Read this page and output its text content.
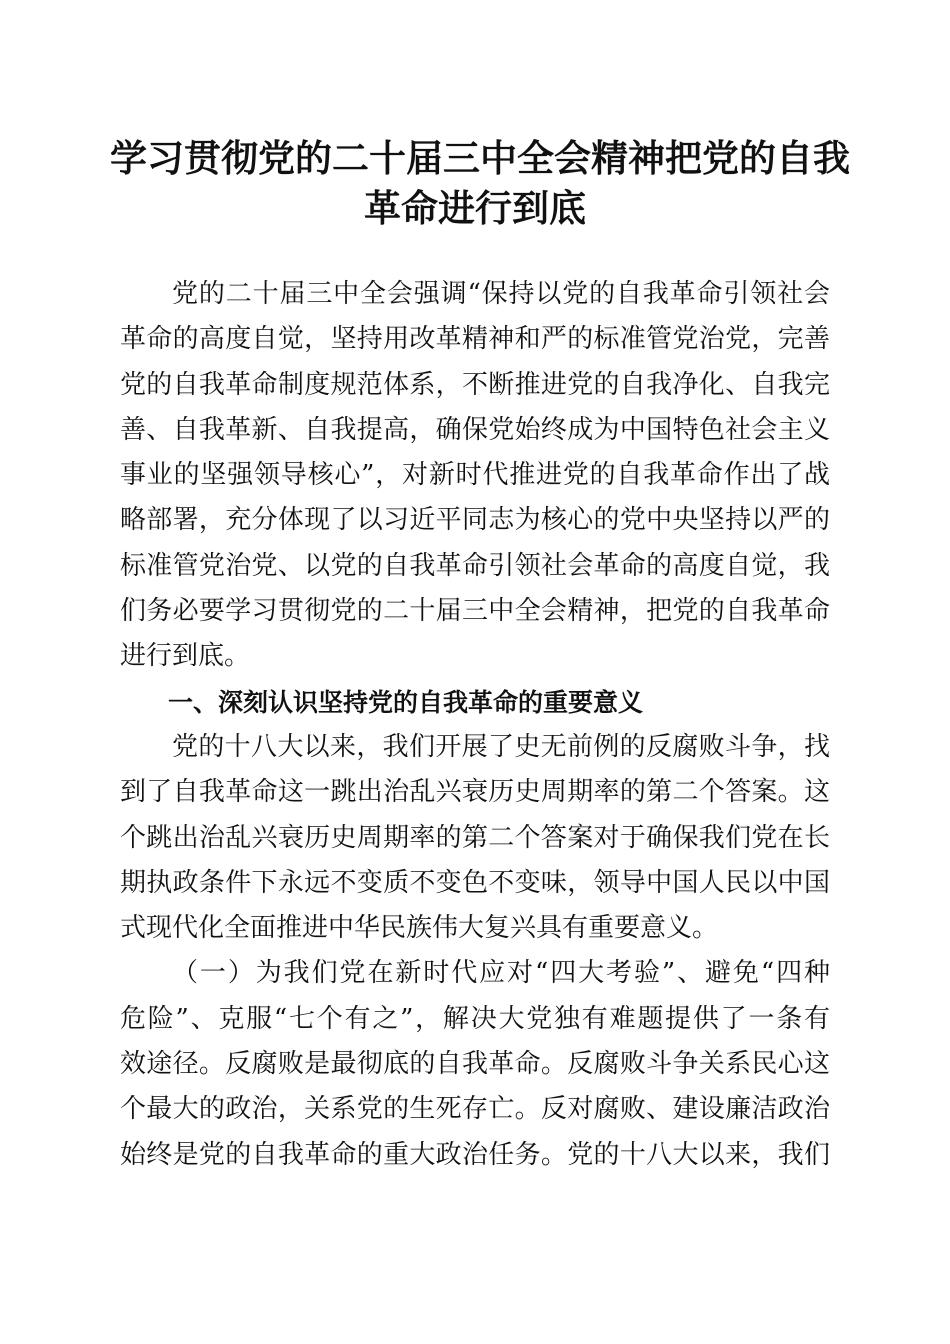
学习贯彻党的二十届三中全会精神把党的自我
革命进行到底
党的二十届三中全会强调“保持以党的自我革命引领社会
革命的高度自觉，坚持用改革精神和严的标准管党治党，完善
党的自我革命制度规范体系，不断推进党的自我净化、自我完
善、自我革新、自我提高，确保党始终成为中国特色社会主义
事业的坚强领导核心”，对新时代推进党的自我革命作出了战
略部署，充分体现了以习近平同志为核心的党中央坚持以严的
标准管党治党、以党的自我革命引领社会革命的高度自觉，我
们务必要学习贯彻党的二十届三中全会精神，把党的自我革命
进行到底。
一、深刻认识坚持党的自我革命的重要意义
党的十八大以来，我们开展了史无前例的反腐败斗争，找
到了自我革命这一跳出治乱兴衰历史周期率的第二个答案。这
个跳出治乱兴衰历史周期率的第二个答案对于确保我们党在长
期执政条件下永远不变质不变色不变味，领导中国人民以中国
式现代化全面推进中华民族伟大复兴具有重要意义。
（一）为我们党在新时代应对“四大考验”、避免“四种
危险”、克服“七个有之”，解决大党独有难题提供了一条有
效途径。反腐败是最彻底的自我革命。反腐败斗争关系民心这
个最大的政治，关系党的生死存亡。反对腐败、建设廉洁政治
始终是党的自我革命的重大政治任务。党的十八大以来，我们
